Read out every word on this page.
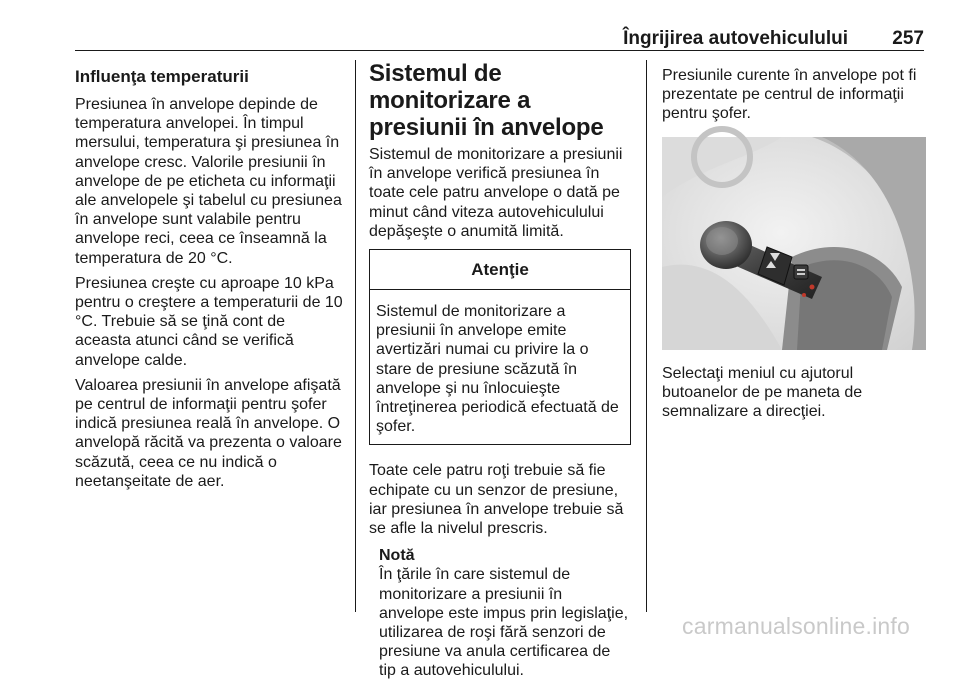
Îngrijirea autovehiculului 257
Influenţa temperaturii

Presiunea în anvelope depinde de temperatura anvelopei. În timpul mersului, temperatura şi presiunea în anvelope cresc. Valorile presiunii în anvelope de pe eticheta cu informaţii ale anvelopele şi tabelul cu presiunea în anvelope sunt valabile pentru anvelope reci, ceea ce înseamnă la temperatura de 20 °C.

Presiunea creşte cu aproape 10 kPa pentru o creştere a temperaturii de 10 °C. Trebuie să se ţină cont de aceasta atunci când se verifică anvelope calde.

Valoarea presiunii în anvelope afişată pe centrul de informaţii pentru şofer indică presiunea reală în anvelope. O anvelopă răcită va prezenta o valoare scăzută, ceea ce nu indică o neetanşeitate de aer.

Sistemul de monitorizare a presiunii în anvelope

Sistemul de monitorizare a presiunii în anvelope verifică presiunea în toate cele patru anvelope o dată pe minut când viteza autovehiculului depăşeşte o anumită limită.

Atenţie
Sistemul de monitorizare a presiunii în anvelope emite avertizări numai cu privire la o stare de presiune scăzută în anvelope şi nu înlocuieşte întreţinerea periodică efectuată de şofer.

Toate cele patru roţi trebuie să fie echipate cu un senzor de presiune, iar presiunea în anvelope trebuie să se afle la nivelul prescris.

Notă
În ţările în care sistemul de monitorizare a presiunii în anvelope este impus prin legislaţie, utilizarea de roşi fără senzori de presiune va anula certificarea de tip a autovehiculului.

Presiunile curente în anvelope pot fi prezentate pe centrul de informaţii pentru şofer.

Selectaţi meniul cu ajutorul butoanelor de pe maneta de semnalizare a direcţiei.

carmanualsonline.info
